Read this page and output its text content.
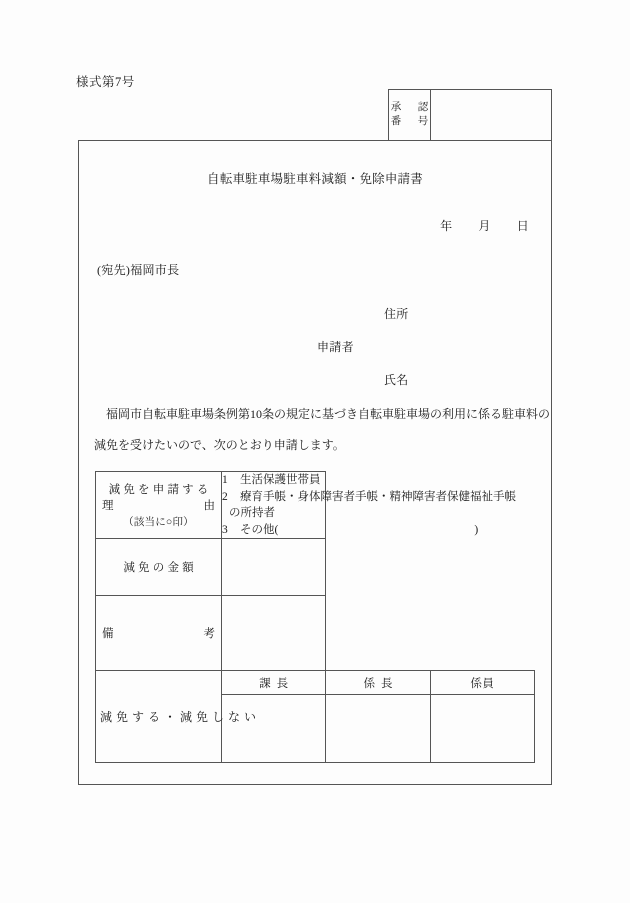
様式第7号
承　認
番　号
自転車駐車場駐車料減額・免除申請書
年 月 日
(宛先)福岡市長
住所
申請者
氏名
福岡市自転車駐車場条例第10条の規定に基づき自転車駐車場の利用に係る駐車料の
減免を受けたいので、次のとおり申請します。
減免を申請する
理 由
（該当に○印）	1 生活保護世帯員
2 療育手帳・身体障害者手帳・精神障害者保健福祉手帳
の所持者
3 その他( )		

減免の金額			

備 考			

減免する・減免しない	課長	係長	係員
